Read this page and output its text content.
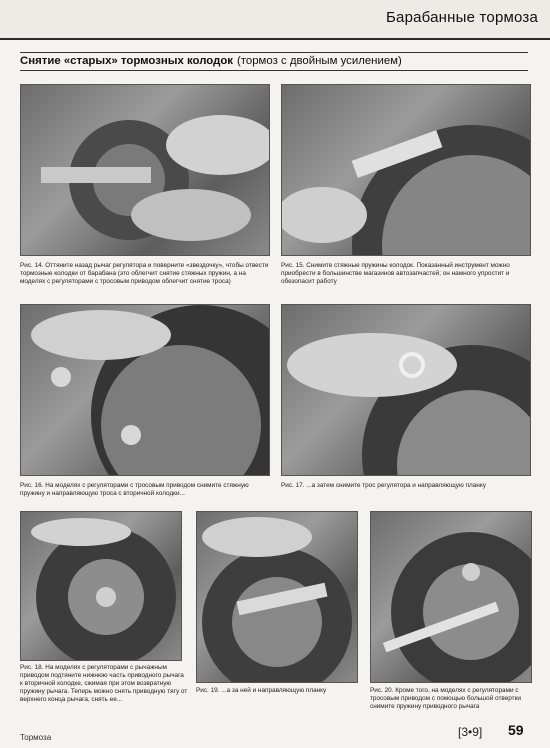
Барабанные тормоза
Снятие «старых» тормозных колодок (тормоз с двойным усилением)
Рис. 14. Оттяните назад рычаг регулятора и поверните «звездочку», чтобы отвести тормозные колодки от барабана (это облегчит снятие стяжных пружин, а на моделях с регуляторами с тросовым приводом облегчит снятие троса)
Рис. 15. Снимите стяжные пружины колодок. Показанный инструмент можно приобрести в большинстве магазинов автозапчастей; он намного упростит и обезопасит работу
Рис. 16. На моделях с регуляторами с тросовым приводом снимите стяжную пружину и направляющую троса с вторичной колодки...
Рис. 17. ...а затем снимите трос регулятора и направляющую планку
Рис. 18. На моделях с регуляторами с рычажным приводом подтяните нижнюю часть приводного рычага к вторичной колодке, сжимая при этом возвратную пружину рычага. Теперь можно снять приводную тягу от верхнего конца рычага, снять ее...
Рис. 19. ...а за ней и направляющую планку	Рис. 20. Кроме того, на моделях с регуляторами с тросовым приводом с помощью большой отвертки снимите пружину приводного рычага
Тормоза	[3•9] 59
